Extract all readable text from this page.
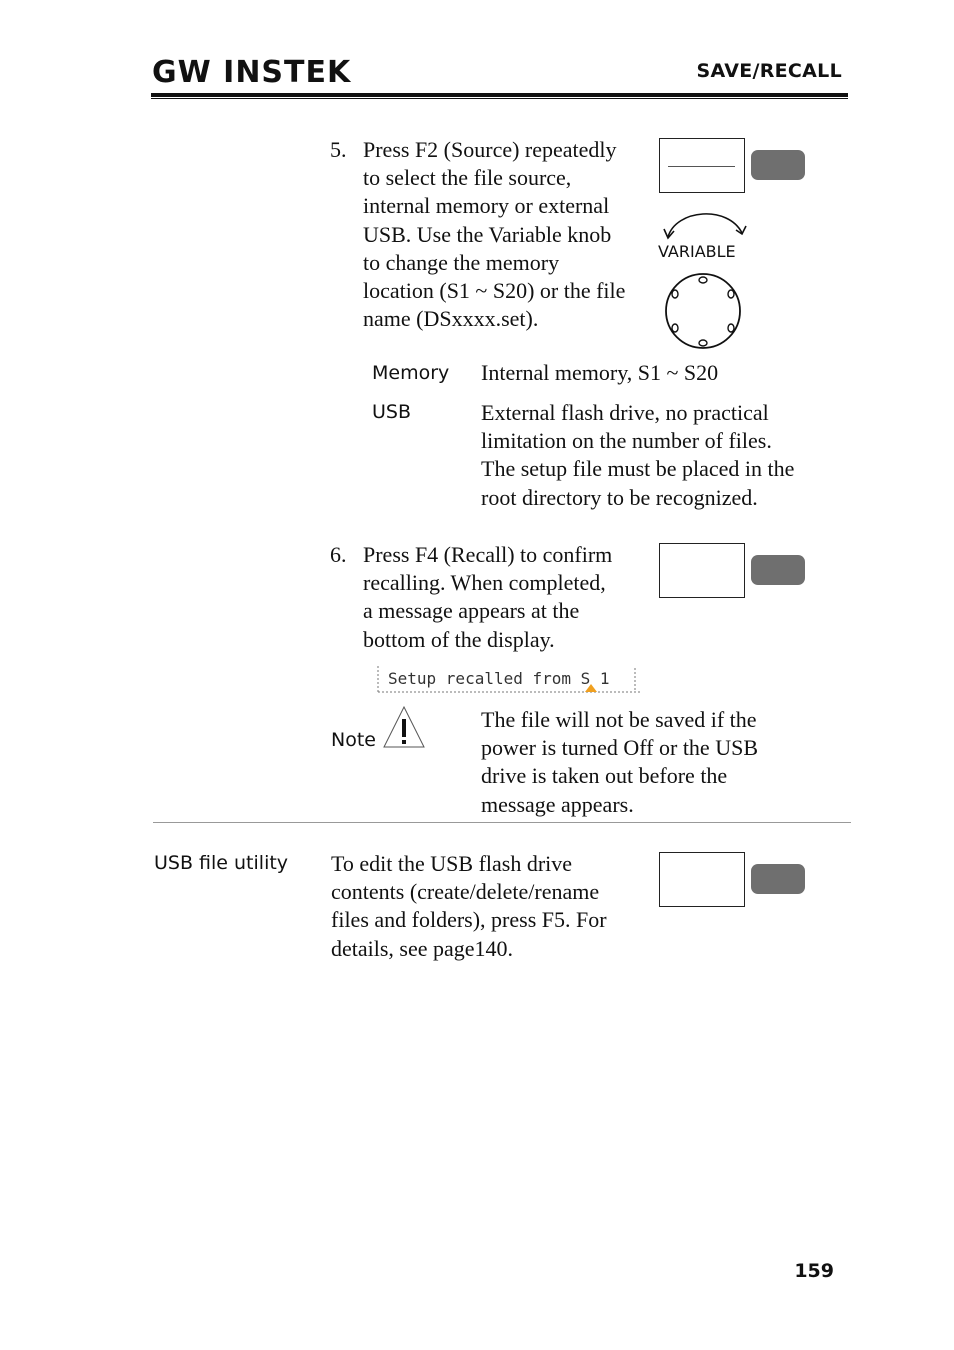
GW INSTEK	SAVE/RECALL
5. Press F2 (Source) repeatedly
to select the file source,
internal memory or external
USB. Use the Variable knob
to change the memory
location (S1 ~ S20) or the file
name (DSxxxx.set).
VARIABLE
Memory Internal memory, S1 ~ S20
USB	External flash drive, no practical
limitation on the number of files.
The setup file must be placed in the
root directory to be recognized.
6. Press F4 (Recall) to confirm
recalling. When completed,
a message appears at the
bottom of the display.
Setup recalled from S 1
Note
The file will not be saved if the
power is turned Off or the USB
drive is taken out before the
message appears.
USB file utility To edit the USB flash drive
contents (create/delete/rename
files and folders), press F5. For
details, see page140.
159
